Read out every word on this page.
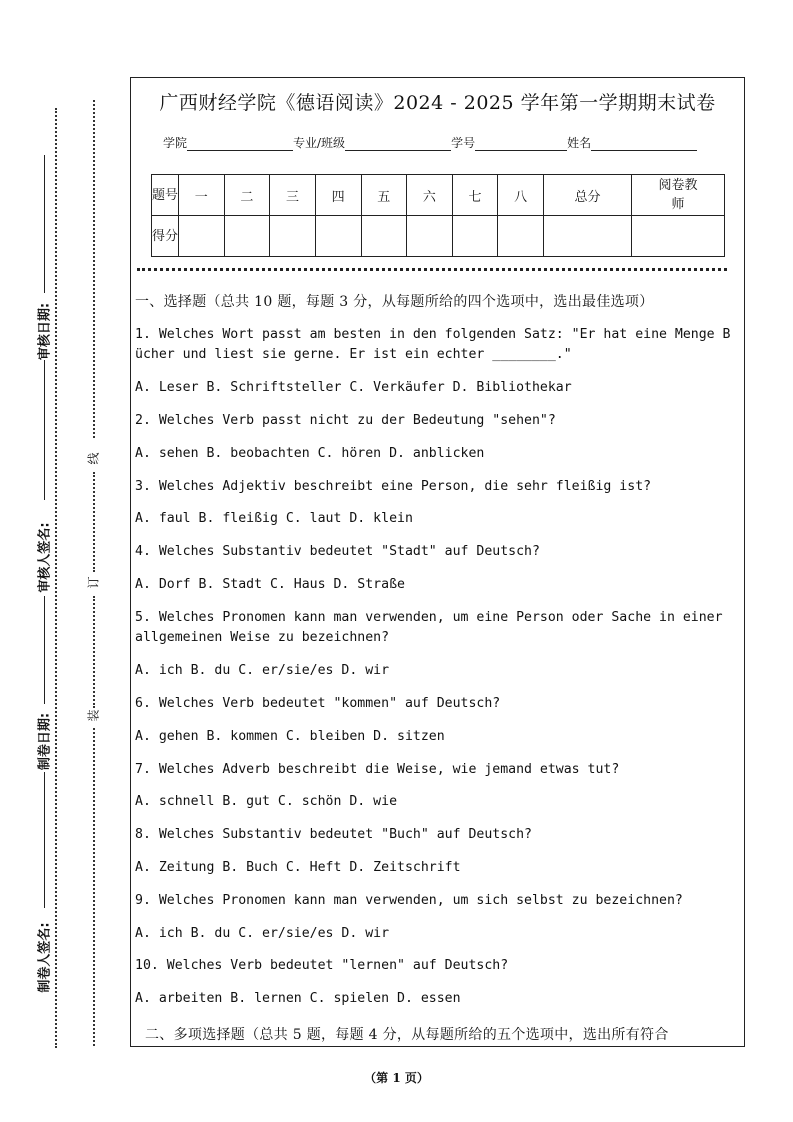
审核日期:
审核人签名:
制卷日期:
制卷人签名:
线
订
装
广西财经学院《德语阅读》2024 - 2025 学年第一学期期末试卷
学院	专业/班级	学号	姓名
题号	一	二	三	四	五	六	七	八	总分	阅卷教师
得分										
一、选择题（总共 10 题，每题 3 分，从每题所给的四个选项中，选出最佳选项）
1. Welches Wort passt am besten in den folgenden Satz: "Er hat eine Menge B
ücher und liest sie gerne. Er ist ein echter ________."
A. Leser B. Schriftsteller C. Verkäufer D. Bibliothekar
2. Welches Verb passt nicht zu der Bedeutung "sehen"?
A. sehen B. beobachten C. hören D. anblicken
3. Welches Adjektiv beschreibt eine Person, die sehr fleißig ist?
A. faul B. fleißig C. laut D. klein
4. Welches Substantiv bedeutet "Stadt" auf Deutsch?
A. Dorf B. Stadt C. Haus D. Straße
5. Welches Pronomen kann man verwenden, um eine Person oder Sache in einer
allgemeinen Weise zu bezeichnen?
A. ich B. du C. er/sie/es D. wir
6. Welches Verb bedeutet "kommen" auf Deutsch?
A. gehen B. kommen C. bleiben D. sitzen
7. Welches Adverb beschreibt die Weise, wie jemand etwas tut?
A. schnell B. gut C. schön D. wie
8. Welches Substantiv bedeutet "Buch" auf Deutsch?
A. Zeitung B. Buch C. Heft D. Zeitschrift
9. Welches Pronomen kann man verwenden, um sich selbst zu bezeichnen?
A. ich B. du C. er/sie/es D. wir
10. Welches Verb bedeutet "lernen" auf Deutsch?
A. arbeiten B. lernen C. spielen D. essen
二、多项选择题（总共 5 题，每题 4 分，从每题所给的五个选项中，选出所有符合
（第 1 页）
